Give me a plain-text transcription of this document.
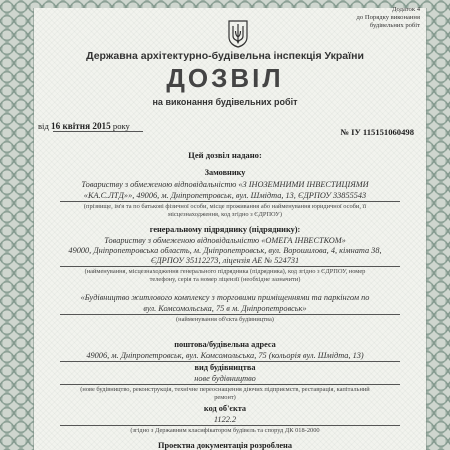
Додаток 4
до Порядку виконання
будівельних робіт
Державна архітектурно-будівельна інспекція України
ДОЗВІЛ
на виконання будівельних робіт
від 16 квітня 2015 року
№ IУ 115151060498
Цей дозвіл надано:
Замовнику
Товариству з обмеженою відповідальністю «З ІНОЗЕМНИМИ ІНВЕСТИЦІЯМИ
«КА.С.ЛТД»», 49006, м. Дніпропетровськ, вул. Шмідта, 13, ЄДРПОУ 33855543
(прізвище, ім'я та по батькові фізичної особи, місце проживання або найменування юридичної особи, її
місцезнаходження, код згідно з ЄДРПОУ)
генеральному підряднику (підряднику):
Товариству з обмеженою відповідальністю «ОМЕГА ІНВЕСТКОМ»
49000, Дніпропетровська область, м. Дніпропетровськ, вул. Ворошилова, 4, кімната 38,
ЄДРПОУ 35112273, ліцензія АЕ № 524731
(найменування, місцезнаходження генерального підрядника (підрядника), код згідно з ЄДРПОУ, номер
телефону, серія та номер ліцензії (необхідне зазначити)
«Будівництво житлового комплексу з торговими приміщеннями та паркінгом по
вул. Комсомольська, 75 в м. Дніпропетровськ»
(найменування об'єкта будівництва)
поштова/будівельна адреса
49006, м. Дніпропетровськ, вул. Комсомольська, 75 (кольорія вул. Шмідта, 13)
вид будівництва
нове будівництво
(нове будівництво, реконструкція, технічне переоснащення діючих підприємств, реставрація, капітальний
ремонт)
код об'єкта
1122.2
(згідно з Державним класифікатором будівель та споруд ДК 018-2000
Проектна документація розроблена
